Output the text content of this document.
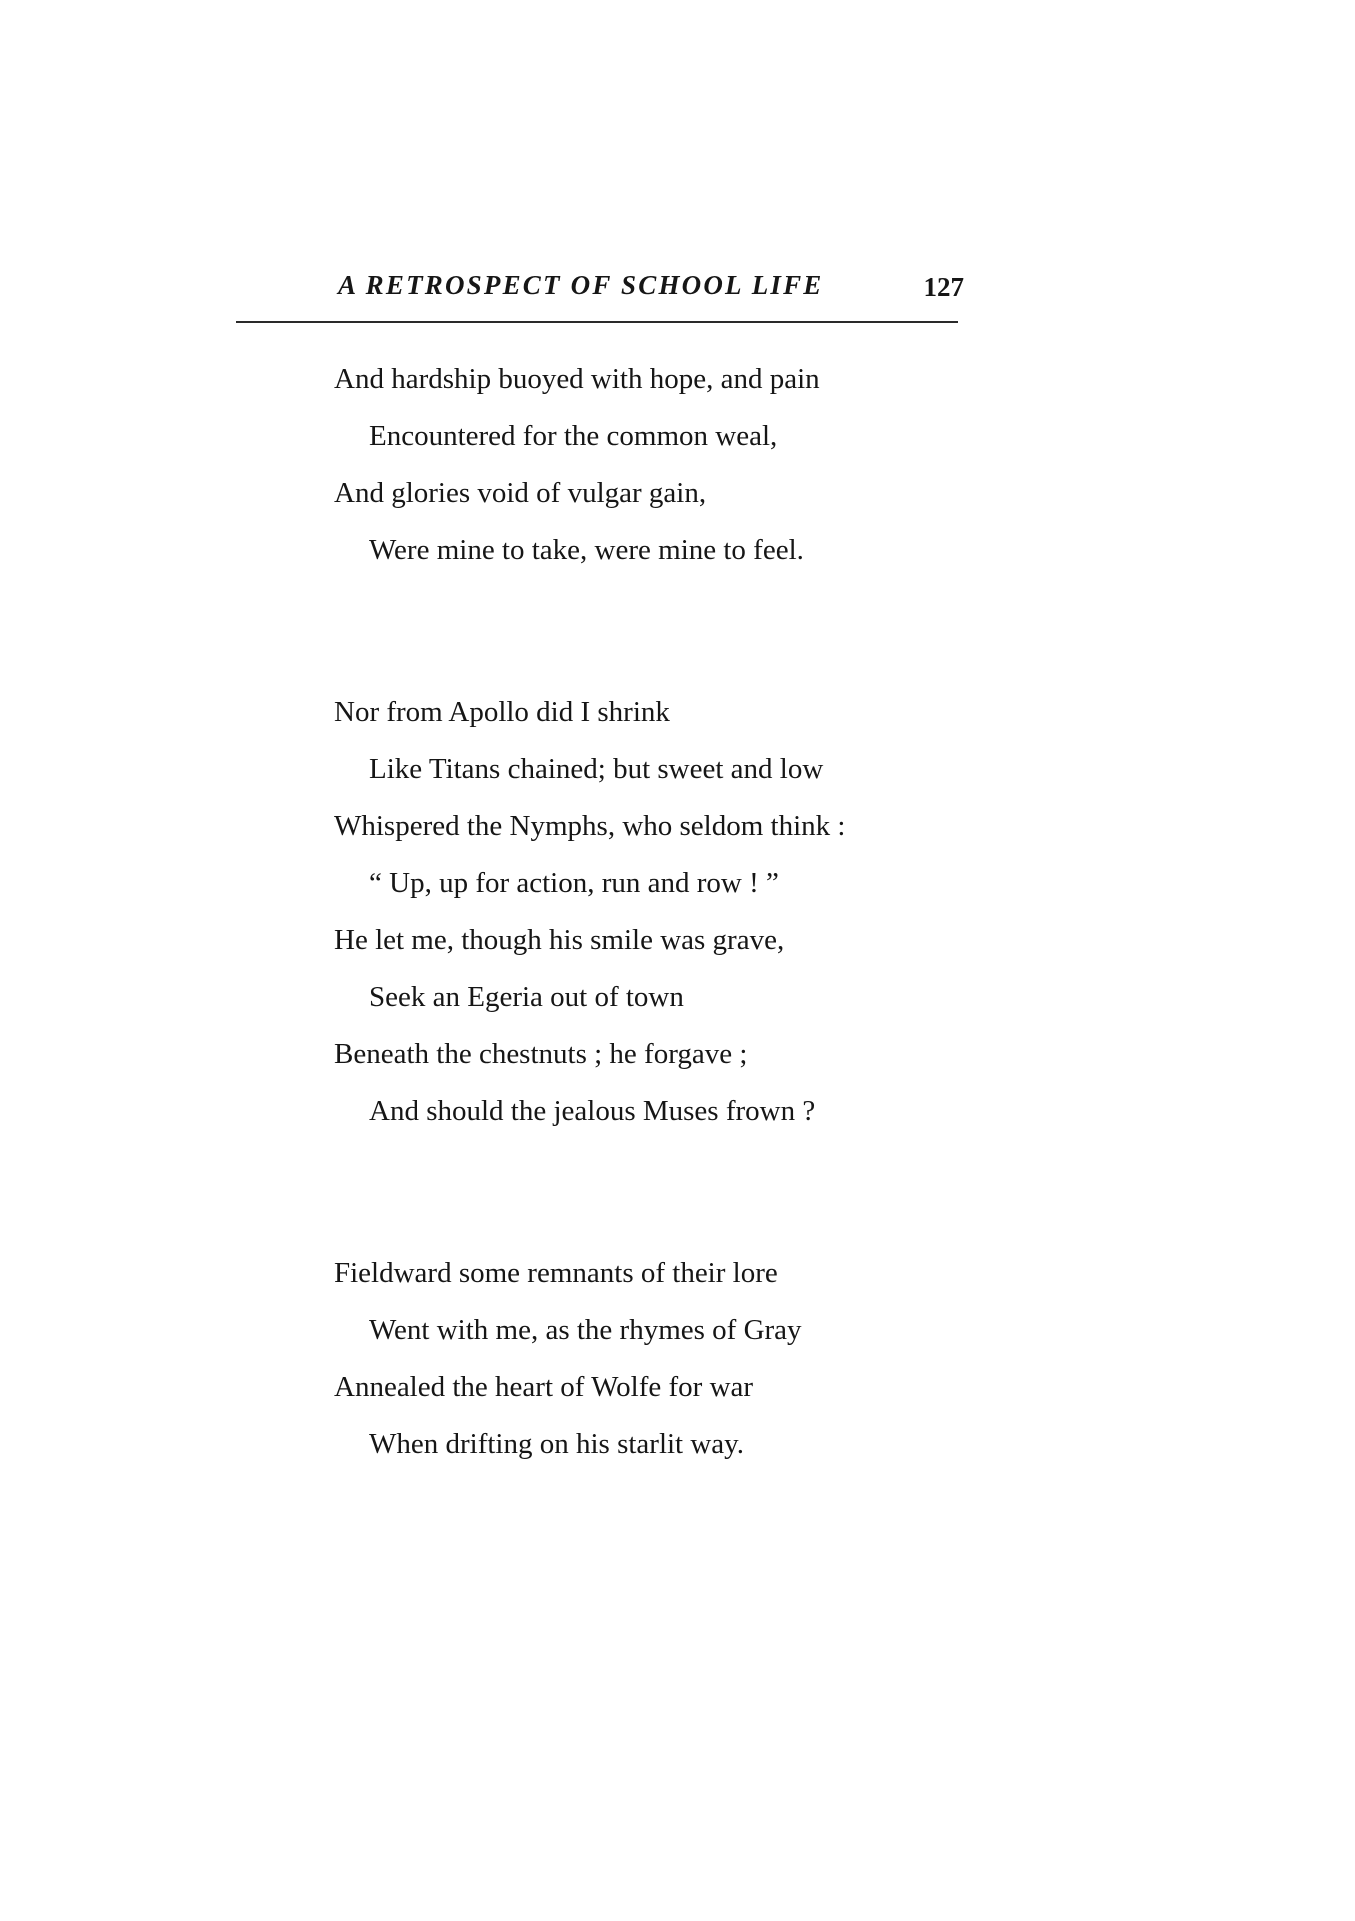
A RETROSPECT OF SCHOOL LIFE	127
And hardship buoyed with hope, and pain
Encountered for the common weal,
And glories void of vulgar gain,
Were mine to take, were mine to feel.
Nor from Apollo did I shrink
Like Titans chained; but sweet and low
Whispered the Nymphs, who seldom think :
“ Up, up for action, run and row ! ”
He let me, though his smile was grave,
Seek an Egeria out of town
Beneath the chestnuts ; he forgave ;
And should the jealous Muses frown ?
Fieldward some remnants of their lore
Went with me, as the rhymes of Gray
Annealed the heart of Wolfe for war
When drifting on his starlit way.
